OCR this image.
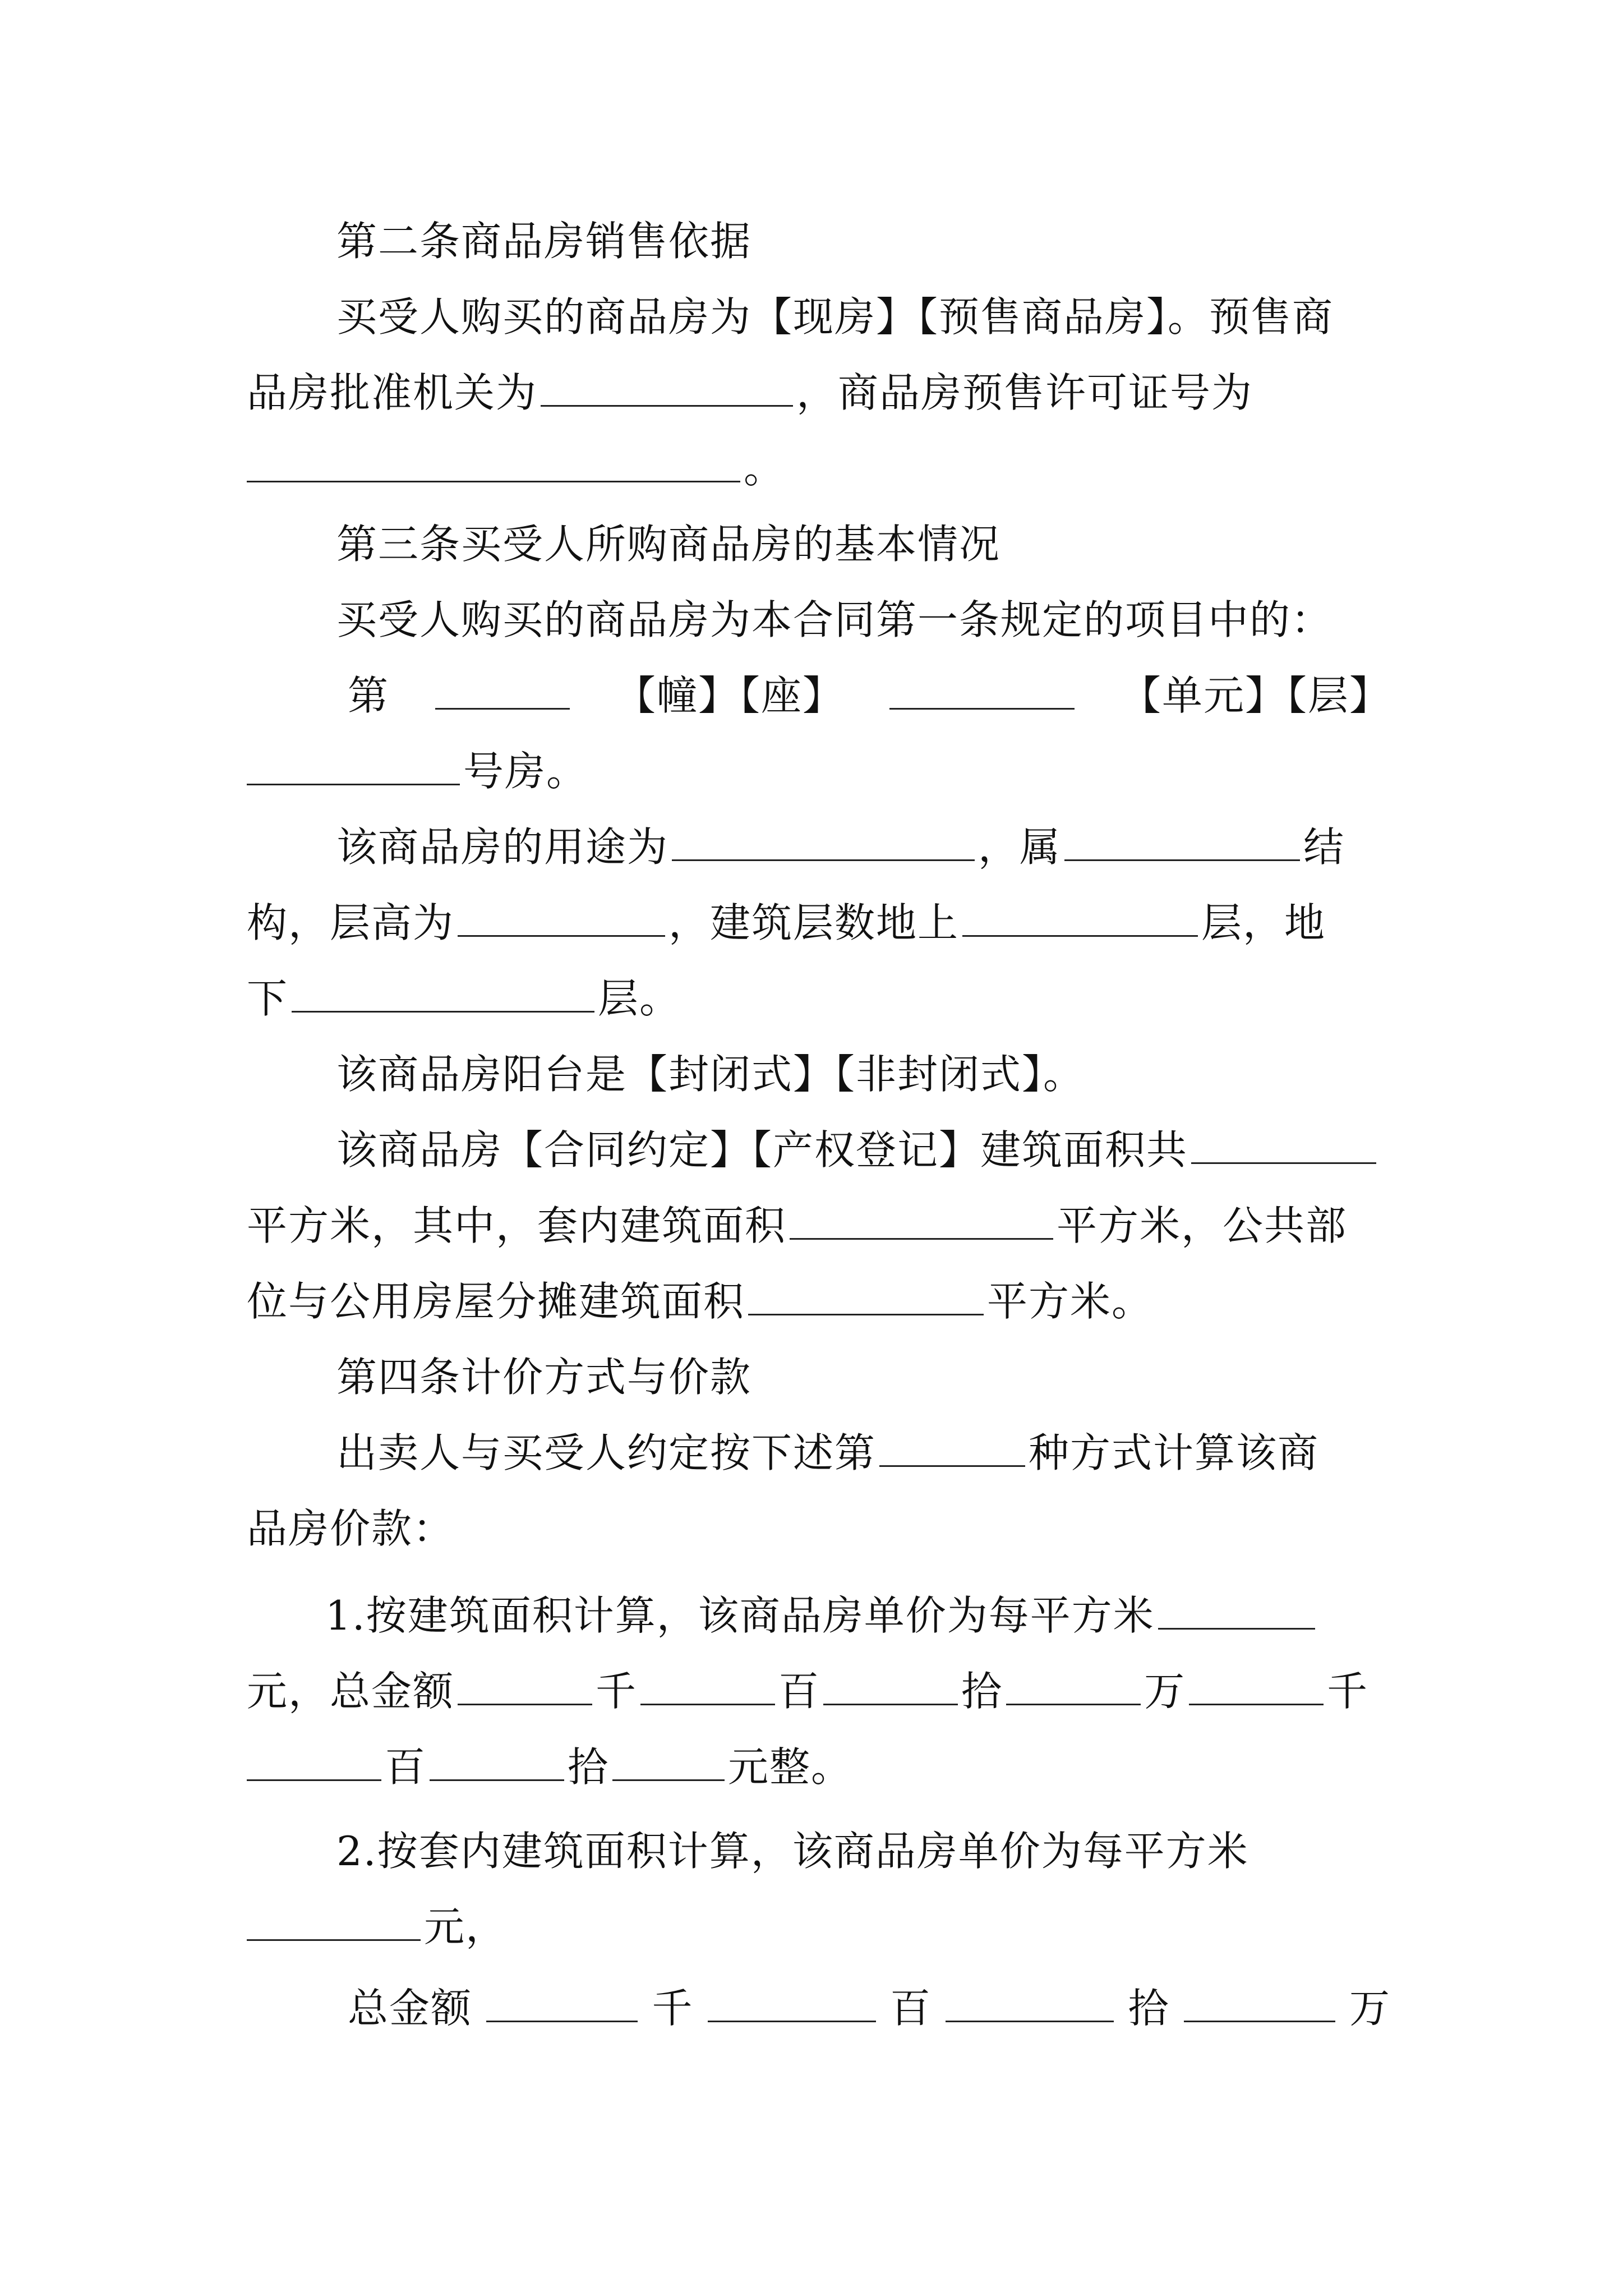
第二条商品房销售依据
买受人购买的商品房为【现房】【预售商品房】。预售商
品房批准机关为	，商品房预售许可证号为
。
第三条买受人所购商品房的基本情况
买受人购买的商品房为本合同第一条规定的项目中的：
第	【幢】【座】	【单元】【层】
号房。
该商品房的用途为	，属	结
构，层高为	，建筑层数地上	层，地
下	层。
该商品房阳台是【封闭式】【非封闭式】。
该商品房【合同约定】【产权登记】建筑面积共
平方米，其中，套内建筑面积	平方米，公共部
位与公用房屋分摊建筑面积	平方米。
第四条计价方式与价款
出卖人与买受人约定按下述第	种方式计算该商
品房价款：
1.按建筑面积计算，该商品房单价为每平方米
元，总金额	千	百	拾	万	千
百	拾	元整。
2.按套内建筑面积计算，该商品房单价为每平方米
元，
总金额	千	百	拾	万
